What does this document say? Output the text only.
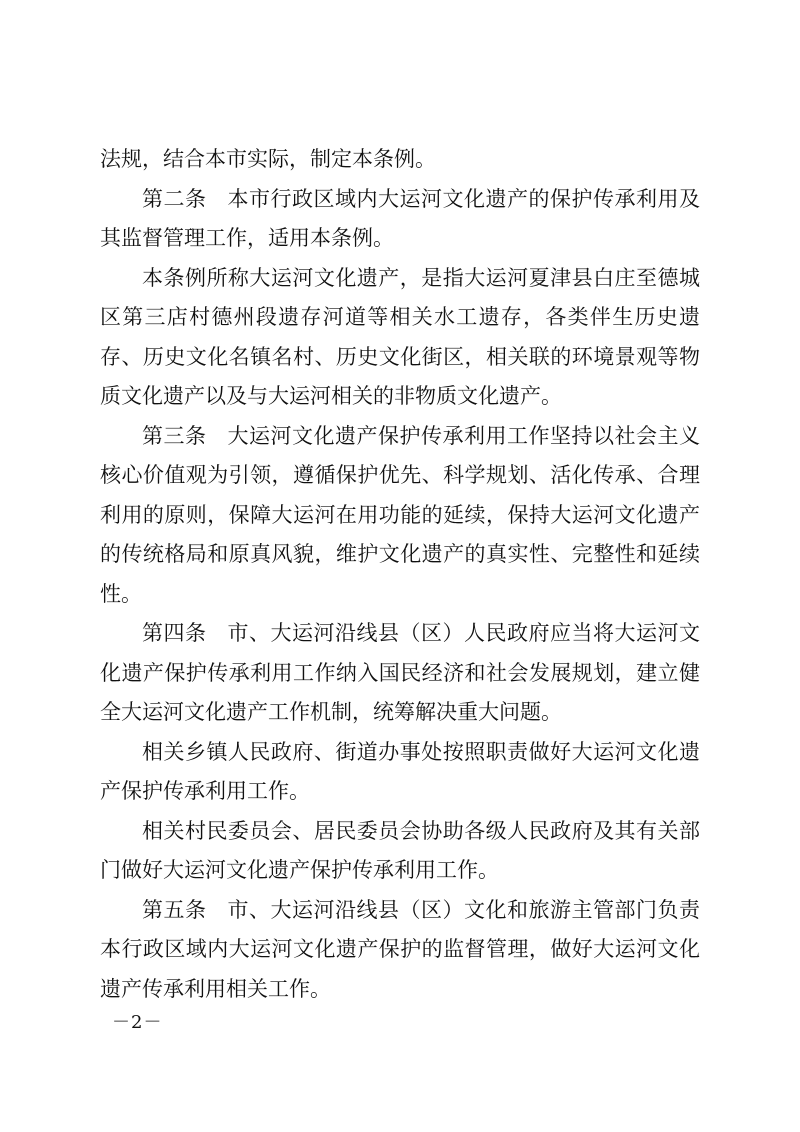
法规，结合本市实际，制定本条例。

第二条 本市行政区域内大运河文化遗产的保护传承利用及其监督管理工作，适用本条例。

本条例所称大运河文化遗产，是指大运河夏津县白庄至德城区第三店村德州段遗存河道等相关水工遗存，各类伴生历史遗存、历史文化名镇名村、历史文化街区，相关联的环境景观等物质文化遗产以及与大运河相关的非物质文化遗产。

第三条 大运河文化遗产保护传承利用工作坚持以社会主义核心价值观为引领，遵循保护优先、科学规划、活化传承、合理利用的原则，保障大运河在用功能的延续，保持大运河文化遗产的传统格局和原真风貌，维护文化遗产的真实性、完整性和延续性。

第四条 市、大运河沿线县（区）人民政府应当将大运河文化遗产保护传承利用工作纳入国民经济和社会发展规划，建立健全大运河文化遗产工作机制，统筹解决重大问题。

相关乡镇人民政府、街道办事处按照职责做好大运河文化遗产保护传承利用工作。

相关村民委员会、居民委员会协助各级人民政府及其有关部门做好大运河文化遗产保护传承利用工作。

第五条 市、大运河沿线县（区）文化和旅游主管部门负责本行政区域内大运河文化遗产保护的监督管理，做好大运河文化遗产传承利用相关工作。

－2－
